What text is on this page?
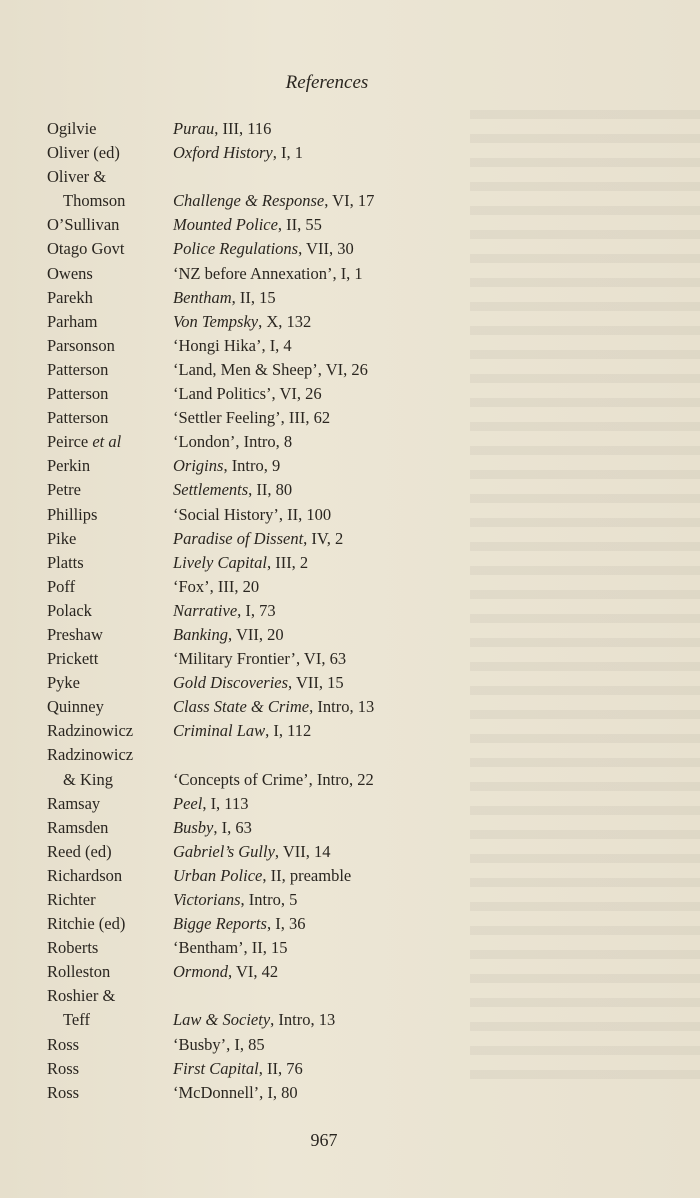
References
Ogilvie	Purau, III, 116
Oliver (ed)	Oxford History, I, 1
Oliver &

Thomson	Challenge & Response, VI, 17
O’Sullivan	Mounted Police, II, 55
Otago Govt	Police Regulations, VII, 30
Owens	‘NZ before Annexation’, I, 1
Parekh	Bentham, II, 15
Parham	Von Tempsky, X, 132
Parsonson	‘Hongi Hika’, I, 4
Patterson	‘Land, Men & Sheep’, VI, 26
Patterson	‘Land Politics’, VI, 26
Patterson	‘Settler Feeling’, III, 62
Peirce et al	‘London’, Intro, 8
Perkin	Origins, Intro, 9
Petre	Settlements, II, 80
Phillips	‘Social History’, II, 100
Pike	Paradise of Dissent, IV, 2
Platts	Lively Capital, III, 2
Poff	‘Fox’, III, 20
Polack	Narrative, I, 73
Preshaw	Banking, VII, 20
Prickett	‘Military Frontier’, VI, 63
Pyke	Gold Discoveries, VII, 15
Quinney	Class State & Crime, Intro, 13
Radzinowicz	Criminal Law, I, 112
Radzinowicz

& King	‘Concepts of Crime’, Intro, 22
Ramsay	Peel, I, 113
Ramsden	Busby, I, 63
Reed (ed)	Gabriel’s Gully, VII, 14
Richardson	Urban Police, II, preamble
Richter	Victorians, Intro, 5
Ritchie (ed)	Bigge Reports, I, 36
Roberts	‘Bentham’, II, 15
Rolleston	Ormond, VI, 42
Roshier &

Teff	Law & Society, Intro, 13
Ross	‘Busby’, I, 85
Ross	First Capital, II, 76
Ross	‘McDonnell’, I, 80
967
